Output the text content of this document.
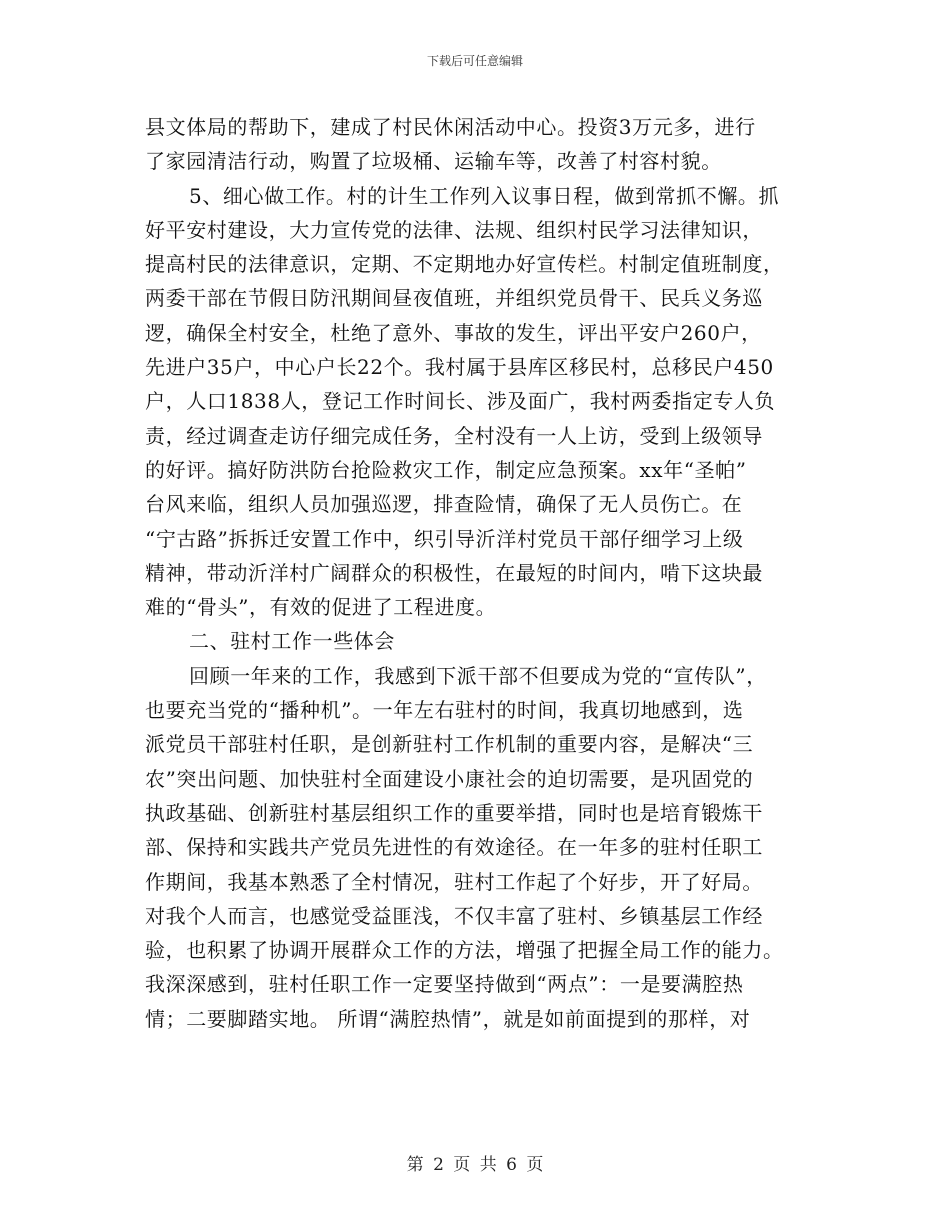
下载后可任意编辑
县文体局的帮助下，建成了村民休闲活动中心。投资3万元多，进行
了家园清洁行动，购置了垃圾桶、运输车等，改善了村容村貌。
5、细心做工作。村的计生工作列入议事日程，做到常抓不懈。抓
好平安村建设，大力宣传党的法律、法规、组织村民学习法律知识，
提高村民的法律意识，定期、不定期地办好宣传栏。村制定值班制度，
两委干部在节假日防汛期间昼夜值班，并组织党员骨干、民兵义务巡
逻，确保全村安全，杜绝了意外、事故的发生，评出平安户260户，
先进户35户，中心户长22个。我村属于县库区移民村，总移民户450
户，人口1838人，登记工作时间长、涉及面广，我村两委指定专人负
责，经过调查走访仔细完成任务，全村没有一人上访，受到上级领导
的好评。搞好防洪防台抢险救灾工作，制定应急预案。xx年“圣帕”
台风来临，组织人员加强巡逻，排查险情，确保了无人员伤亡。在
“宁古路”拆拆迁安置工作中，织引导沂洋村党员干部仔细学习上级
精神，带动沂洋村广阔群众的积极性，在最短的时间内，啃下这块最
难的“骨头”，有效的促进了工程进度。
二、驻村工作一些体会
回顾一年来的工作，我感到下派干部不但要成为党的“宣传队”，
也要充当党的“播种机”。一年左右驻村的时间，我真切地感到，选
派党员干部驻村任职，是创新驻村工作机制的重要内容，是解决“三
农”突出问题、加快驻村全面建设小康社会的迫切需要，是巩固党的
执政基础、创新驻村基层组织工作的重要举措，同时也是培育锻炼干
部、保持和实践共产党员先进性的有效途径。在一年多的驻村任职工
作期间，我基本熟悉了全村情况，驻村工作起了个好步，开了好局。
对我个人而言，也感觉受益匪浅，不仅丰富了驻村、乡镇基层工作经
验，也积累了协调开展群众工作的方法，增强了把握全局工作的能力。
我深深感到，驻村任职工作一定要坚持做到“两点”：一是要满腔热
情；二要脚踏实地。 所谓“满腔热情”，就是如前面提到的那样，对
第 2 页 共 6 页
